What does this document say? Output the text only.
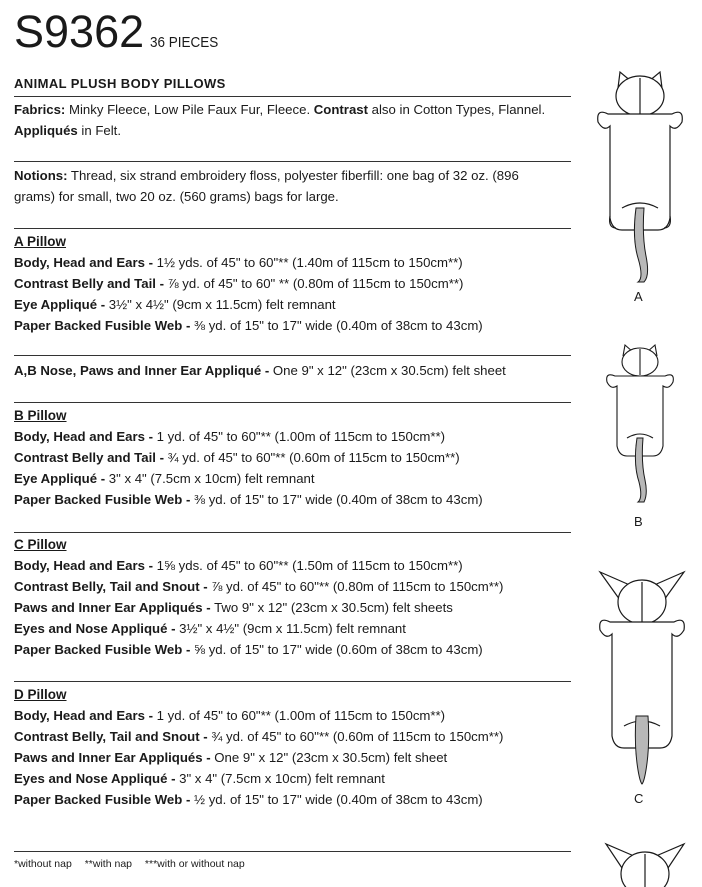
S9362 36 PIECES
ANIMAL PLUSH BODY PILLOWS
Fabrics: Minky Fleece, Low Pile Faux Fur, Fleece. Contrast also in Cotton Types, Flannel.
Appliqués in Felt.
Notions: Thread, six strand embroidery floss, polyester fiberfill: one bag of 32 oz. (896
grams) for small, two 20 oz. (560 grams) bags for large.
A Pillow
Body, Head and Ears - 1½ yds. of 45" to 60"** (1.40m of 115cm to 150cm**)
Contrast Belly and Tail - ⅞ yd. of 45" to 60" ** (0.80m of 115cm to 150cm**)
Eye Appliqué - 3½" x 4½" (9cm x 11.5cm) felt remnant
Paper Backed Fusible Web - ⅜ yd. of 15" to 17" wide (0.40m of 38cm to 43cm)
A,B Nose, Paws and Inner Ear Appliqué - One 9" x 12" (23cm x 30.5cm) felt sheet
B Pillow
Body, Head and Ears - 1 yd. of 45" to 60"** (1.00m of 115cm to 150cm**)
Contrast Belly and Tail - ¾ yd. of 45" to 60"** (0.60m of 115cm to 150cm**)
Eye Appliqué - 3" x 4" (7.5cm x 10cm) felt remnant
Paper Backed Fusible Web - ⅜ yd. of 15" to 17" wide (0.40m of 38cm to 43cm)
C Pillow
Body, Head and Ears - 1⅝ yds. of 45" to 60"** (1.50m of 115cm to 150cm**)
Contrast Belly, Tail and Snout - ⅞ yd. of 45" to 60"** (0.80m of 115cm to 150cm**)
Paws and Inner Ear Appliqués - Two 9" x 12" (23cm x 30.5cm) felt sheets
Eyes and Nose Appliqué - 3½" x 4½" (9cm x 11.5cm) felt remnant
Paper Backed Fusible Web - ⅝ yd. of 15" to 17" wide (0.60m of 38cm to 43cm)
D Pillow
Body, Head and Ears - 1 yd. of 45" to 60"** (1.00m of 115cm to 150cm**)
Contrast Belly, Tail and Snout - ¾ yd. of 45" to 60"** (0.60m of 115cm to 150cm**)
Paws and Inner Ear Appliqués - One 9" x 12" (23cm x 30.5cm) felt sheet
Eyes and Nose Appliqué - 3" x 4" (7.5cm x 10cm) felt remnant
Paper Backed Fusible Web - ½ yd. of 15" to 17" wide (0.40m of 38cm to 43cm)
*without nap **with nap ***with or without nap
A
B
C
